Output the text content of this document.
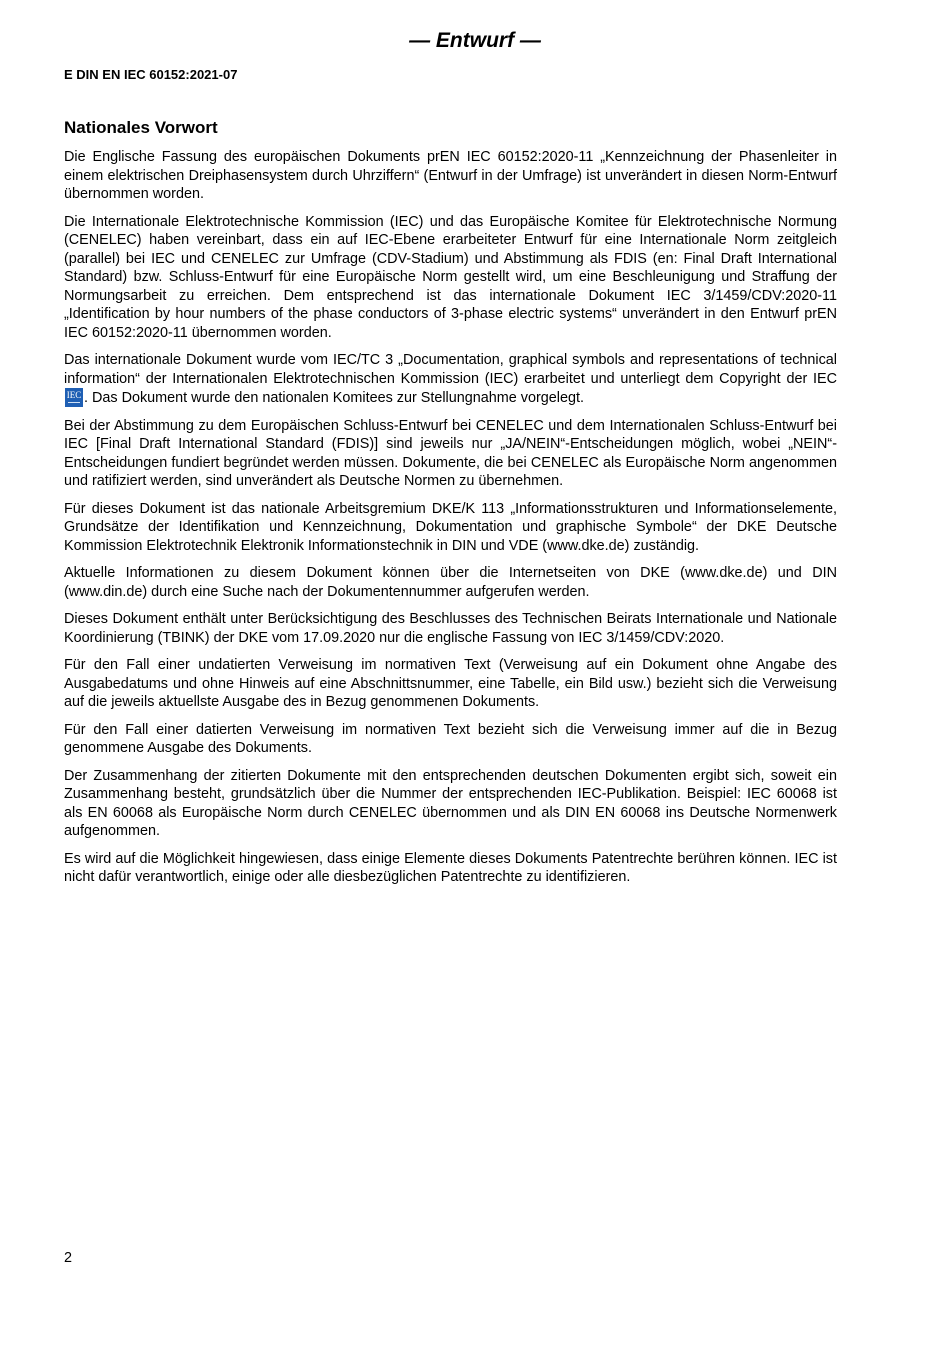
— Entwurf —
E DIN EN IEC 60152:2021-07
Nationales Vorwort

Die Englische Fassung des europäischen Dokuments prEN IEC 60152:2020-11 „Kennzeichnung der Phasenleiter in einem elektrischen Dreiphasensystem durch Uhrziffern“ (Entwurf in der Umfrage) ist unverändert in diesen Norm-Entwurf übernommen worden.

Die Internationale Elektrotechnische Kommission (IEC) und das Europäische Komitee für Elektrotechnische Normung (CENELEC) haben vereinbart, dass ein auf IEC-Ebene erarbeiteter Entwurf für eine Internationale Norm zeitgleich (parallel) bei IEC und CENELEC zur Umfrage (CDV-Stadium) und Abstimmung als FDIS (en: Final Draft International Standard) bzw. Schluss-Entwurf für eine Europäische Norm gestellt wird, um eine Beschleunigung und Straffung der Normungsarbeit zu erreichen. Dem entsprechend ist das internationale Dokument IEC 3/1459/CDV:2020-11 „Identification by hour numbers of the phase conductors of 3-phase electric systems“ unverändert in den Entwurf prEN IEC 60152:2020-11 übernommen worden.

Das internationale Dokument wurde vom IEC/TC 3 „Documentation, graphical symbols and representations of technical information“ der Internationalen Elektrotechnischen Kommission (IEC) erarbeitet und unterliegt dem Copyright der IEC IEC . Das Dokument wurde den nationalen Komitees zur Stellungnahme vorgelegt.

Bei der Abstimmung zu dem Europäischen Schluss-Entwurf bei CENELEC und dem Internationalen Schluss-Entwurf bei IEC [Final Draft International Standard (FDIS)] sind jeweils nur „JA/NEIN“-Entscheidungen möglich, wobei „NEIN“-Entscheidungen fundiert begründet werden müssen. Dokumente, die bei CENELEC als Europäische Norm angenommen und ratifiziert werden, sind unverändert als Deutsche Normen zu übernehmen.

Für dieses Dokument ist das nationale Arbeitsgremium DKE/K 113 „Informationsstrukturen und Informationselemente, Grundsätze der Identifikation und Kennzeichnung, Dokumentation und graphische Symbole“ der DKE Deutsche Kommission Elektrotechnik Elektronik Informationstechnik in DIN und VDE (www.dke.de) zuständig.

Aktuelle Informationen zu diesem Dokument können über die Internetseiten von DKE (www.dke.de) und DIN (www.din.de) durch eine Suche nach der Dokumentennummer aufgerufen werden.

Dieses Dokument enthält unter Berücksichtigung des Beschlusses des Technischen Beirats Internationale und Nationale Koordinierung (TBINK) der DKE vom 17.09.2020 nur die englische Fassung von IEC 3/1459/CDV:2020.

Für den Fall einer undatierten Verweisung im normativen Text (Verweisung auf ein Dokument ohne Angabe des Ausgabedatums und ohne Hinweis auf eine Abschnittsnummer, eine Tabelle, ein Bild usw.) bezieht sich die Verweisung auf die jeweils aktuellste Ausgabe des in Bezug genommenen Dokuments.

Für den Fall einer datierten Verweisung im normativen Text bezieht sich die Verweisung immer auf die in Bezug genommene Ausgabe des Dokuments.

Der Zusammenhang der zitierten Dokumente mit den entsprechenden deutschen Dokumenten ergibt sich, soweit ein Zusammenhang besteht, grundsätzlich über die Nummer der entsprechenden IEC-Publikation. Beispiel: IEC 60068 ist als EN 60068 als Europäische Norm durch CENELEC übernommen und als DIN EN 60068 ins Deutsche Normenwerk aufgenommen.

Es wird auf die Möglichkeit hingewiesen, dass einige Elemente dieses Dokuments Patentrechte berühren können. IEC ist nicht dafür verantwortlich, einige oder alle diesbezüglichen Patentrechte zu identifizieren.

2
